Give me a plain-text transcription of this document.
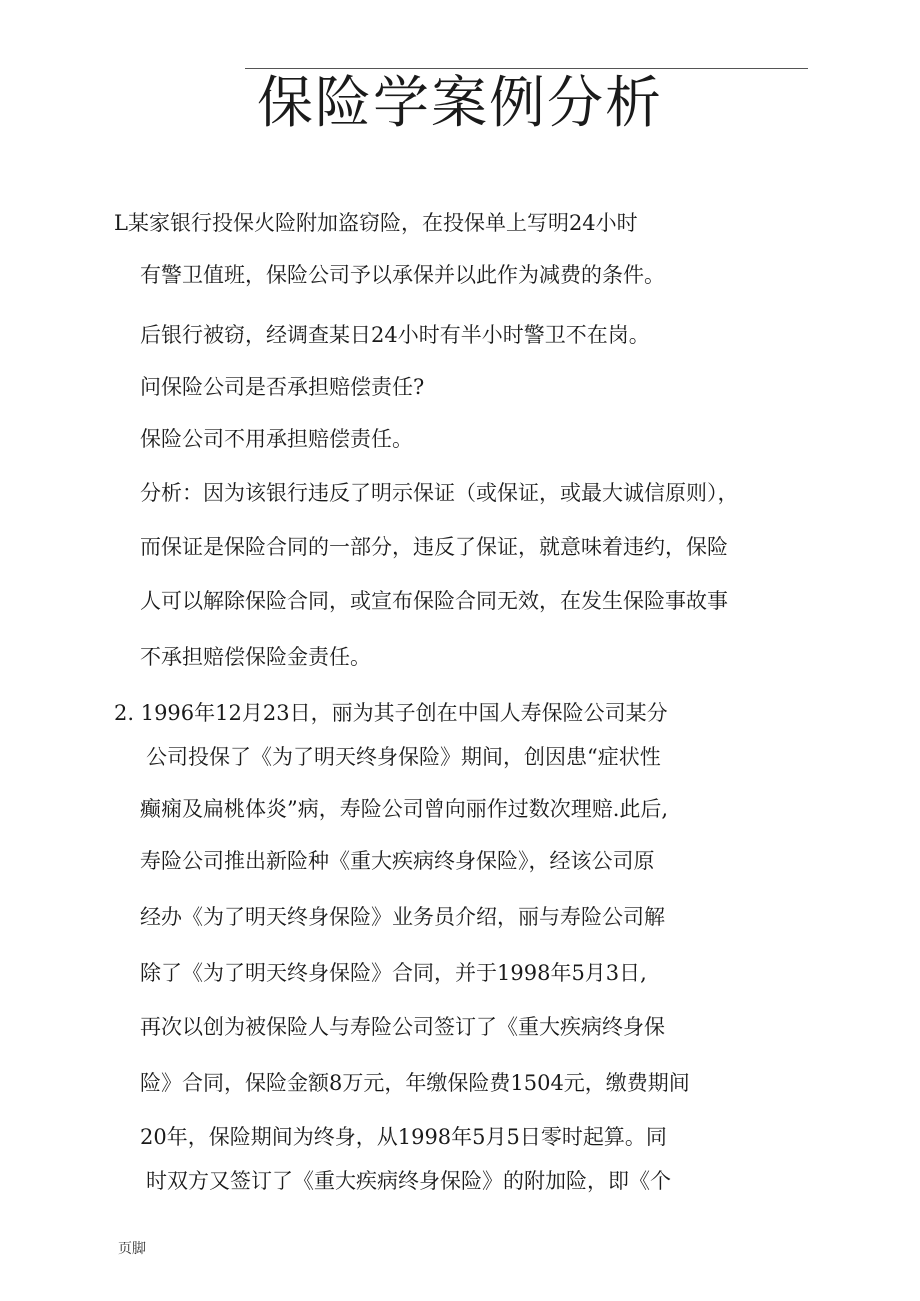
保险学案例分析
L某家银行投保火险附加盗窃险，在投保单上写明24小时
有警卫值班，保险公司予以承保并以此作为减费的条件。
后银行被窃，经调查某日24小时有半小时警卫不在岗。
问保险公司是否承担赔偿责任?
保险公司不用承担赔偿责任。
分析：因为该银行违反了明示保证（或保证，或最大诚信原则），
而保证是保险合同的一部分，违反了保证，就意味着违约，保险
人可以解除保险合同，或宣布保险合同无效，在发生保险事故事
不承担赔偿保险金责任。
2. 1996年12月23日，丽为其子创在中国人寿保险公司某分
公司投保了《为了明天终身保险》期间，创因患“症状性
癫痫及扁桃体炎”病，寿险公司曾向丽作过数次理赔.此后,
寿险公司推出新险种《重大疾病终身保险》，经该公司原
经办《为了明天终身保险》业务员介绍，丽与寿险公司解
除了《为了明天终身保险》合同，并于1998年5月3日,
再次以创为被保险人与寿险公司签订了《重大疾病终身保
险》合同，保险金额8万元，年缴保险费1504元，缴费期间
20年，保险期间为终身，从1998年5月5日零时起算。同
时双方又签订了《重大疾病终身保险》的附加险，即《个
页脚
